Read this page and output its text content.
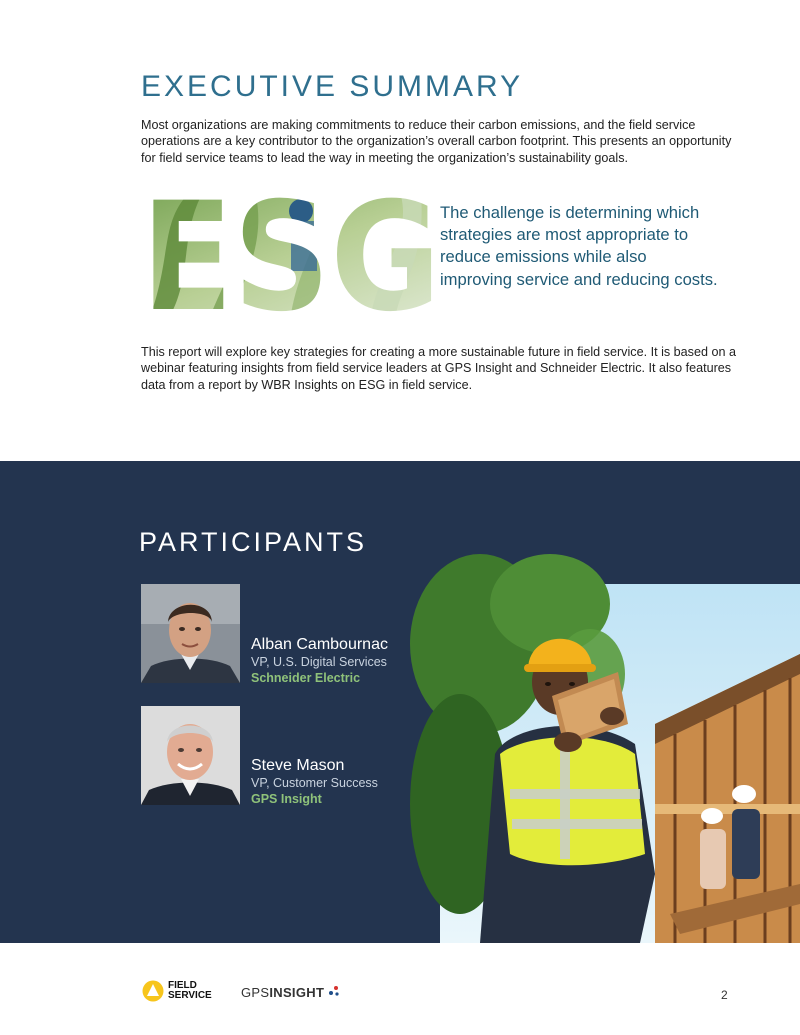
EXECUTIVE SUMMARY
Most organizations are making commitments to reduce their carbon emissions, and the field service operations are a key contributor to the organization’s overall carbon footprint. This presents an opportunity for field service teams to lead the way in meeting the organization’s sustainability goals.
The challenge is determining which strategies are most appropriate to reduce emissions while also improving service and reducing costs.
This report will explore key strategies for creating a more sustainable future in field service. It is based on a webinar featuring insights from field service leaders at GPS Insight and Schneider Electric. It also features data from a report by WBR Insights on ESG in field service.
PARTICIPANTS
Alban Cambournac
VP, U.S. Digital Services
Schneider Electric
Steve Mason
VP, Customer Success
GPS Insight
FIELD
SERVICE GPSINSIGHT	2
